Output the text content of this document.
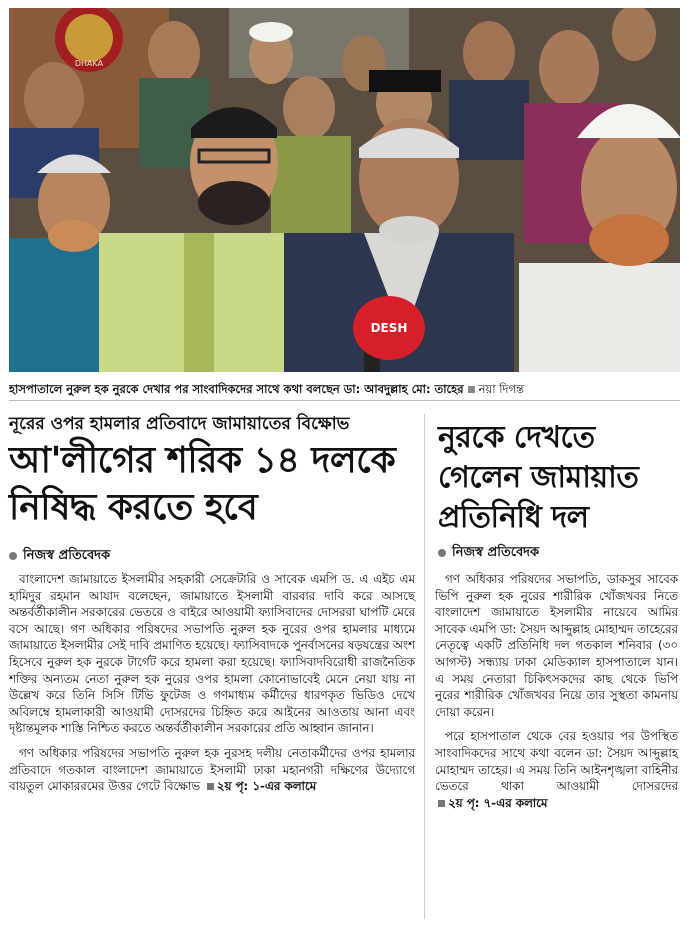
DHAKA
DESH
হাসপাতালে নুরুল হক নুরকে দেখার পর সাংবাদিকদের সাথে কথা বলছেন ডা: আবদুল্লাহ মো: তাহের নয়া দিগন্ত
নূরের ওপর হামলার প্রতিবাদে জামায়াতের বিক্ষোভ
আ'লীগের শরিক ১৪ দলকে
নিষিদ্ধ করতে হবে
নিজস্ব প্রতিবেদক

বাংলাদেশ জামায়াতে ইসলামীর সহকারী সেক্রেটারি ও সাবেক এমপি ড. এ এইচ এম হামিদুর রহমান আযাদ বলেছেন, জামায়াতে ইসলামী বারবার দাবি করে আসছে অন্তর্বর্তীকালীন সরকারের ভেতরে ও বাইরে আওয়ামী ফ্যাসিবাদের দোসররা ঘাপটি মেরে বসে আছে। গণ অধিকার পরিষদের সভাপতি নুরুল হক নুরের ওপর হামলার মাধ্যমে জামায়াতে ইসলামীর সেই দাবি প্রমাণিত হয়েছে। ফ্যাসিবাদকে পুনর্বাসনের ষড়যন্ত্রের অংশ হিসেবে নুরুল হক নুরকে টার্গেট করে হামলা করা হয়েছে। ফ্যাসিবাদবিরোধী রাজনৈতিক শক্তির অন্যতম নেতা নুরুল হক নুরের ওপর হামলা কোনোভাবেই মেনে নেয়া যায় না উল্লেখ করে তিনি সিসি টিভি ফুটেজ ও গণমাধ্যম কর্মীদের ধারণকৃত ভিডিও দেখে অবিলম্বে হামলাকারী আওয়ামী দোসরদের চিহ্নিত করে আইনের আওতায় আনা এবং দৃষ্টান্তমূলক শাস্তি নিশ্চিত করতে অন্তর্বর্তীকালীন সরকারের প্রতি আহ্বান জানান।

গণ অধিকার পরিষদের সভাপতি নুরুল হক নুরসহ দলীয় নেতাকর্মীদের ওপর হামলার প্রতিবাদে গতকাল বাংলাদেশ জামায়াতে ইসলামী ঢাকা মহানগরী দক্ষিণের উদ্যোগে বায়তুল মোকাররমের উত্তর গেটে বিক্ষোভ ২য় পৃ: ১-এর কলামে

নুরকে দেখতে
গেলেন জামায়াত
প্রতিনিধি দল
নিজস্ব প্রতিবেদক

গণ অধিকার পরিষদের সভাপতি, ডাকসুর সাবেক ভিপি নুরুল হক নুরের শারীরিক খোঁজখবর নিতে বাংলাদেশ জামায়াতে ইসলামীর নায়েবে আমির সাবেক এমপি ডা: সৈয়দ আব্দুল্লাহ মোহাম্মদ তাহেরের নেতৃত্বে একটি প্রতিনিধি দল গতকাল শনিবার (৩০ আগস্ট) সন্ধ্যায় ঢাকা মেডিক্যাল হাসপাতালে যান। এ সময় নেতারা চিকিৎসকদের কাছ থেকে ভিপি নুরের শারীরিক খোঁজখবর নিয়ে তার সুস্থতা কামনায় দোয়া করেন।

পরে হাসপাতাল থেকে বের হওয়ার পর উপস্থিত সাংবাদিকদের সাথে কথা বলেন ডা: সৈয়দ আব্দুল্লাহ মোহাম্মদ তাহের। এ সময় তিনি আইনশৃঙ্খলা বাহিনীর ভেতরে থাকা আওয়ামী দোসরদের ২য় পৃ: ৭-এর কলামে
